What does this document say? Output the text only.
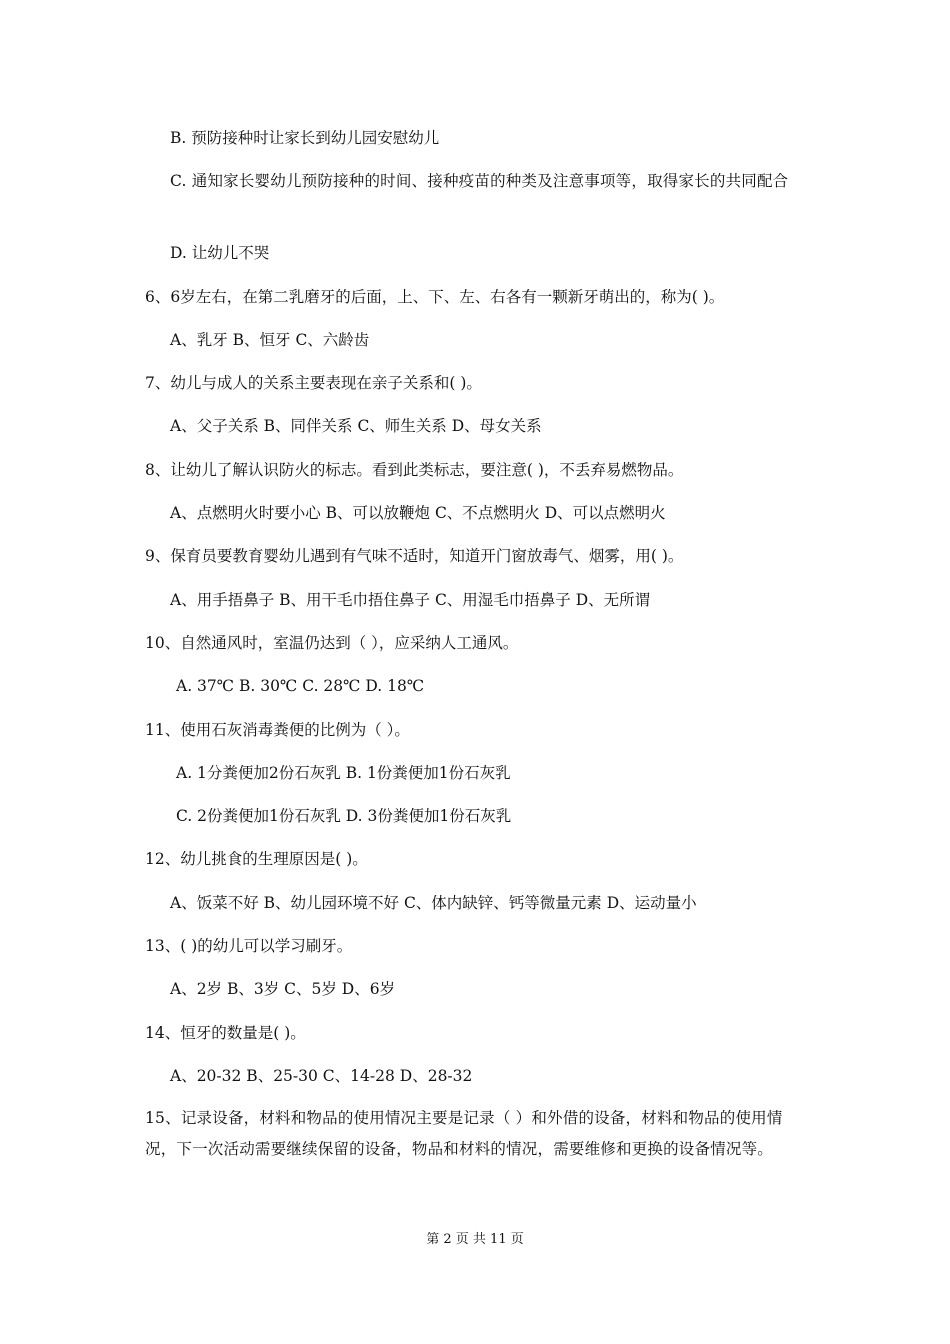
B. 预防接种时让家长到幼儿园安慰幼儿
C. 通知家长婴幼儿预防接种的时间、接种疫苗的种类及注意事项等，取得家长的共同配合
D. 让幼儿不哭
6、6岁左右，在第二乳磨牙的后面，上、下、左、右各有一颗新牙萌出的，称为( )。
A、乳牙 B、恒牙 C、六龄齿
7、幼儿与成人的关系主要表现在亲子关系和( )。
A、父子关系 B、同伴关系 C、师生关系 D、母女关系
8、让幼儿了解认识防火的标志。看到此类标志，要注意( )，不丢弃易燃物品。
A、点燃明火时要小心 B、可以放鞭炮 C、不点燃明火 D、可以点燃明火
9、保育员要教育婴幼儿遇到有气味不适时，知道开门窗放毒气、烟雾，用( )。
A、用手捂鼻子 B、用干毛巾捂住鼻子 C、用湿毛巾捂鼻子 D、无所谓
10、自然通风时，室温仍达到（ ），应采纳人工通风。
A. 37℃ B. 30℃ C. 28℃ D. 18℃
11、使用石灰消毒粪便的比例为（ ）。
A. 1分粪便加2份石灰乳 B. 1份粪便加1份石灰乳
C. 2份粪便加1份石灰乳 D. 3份粪便加1份石灰乳
12、幼儿挑食的生理原因是( )。
A、饭菜不好 B、幼儿园环境不好 C、体内缺锌、钙等微量元素 D、运动量小
13、( )的幼儿可以学习刷牙。
A、2岁 B、3岁 C、5岁 D、6岁
14、恒牙的数量是( )。
A、20-32 B、25-30 C、14-28 D、28-32
15、记录设备，材料和物品的使用情况主要是记录（ ）和外借的设备，材料和物品的使用情况，下一次活动需要继续保留的设备，物品和材料的情况，需要维修和更换的设备情况等。
第 2 页 共 11 页
